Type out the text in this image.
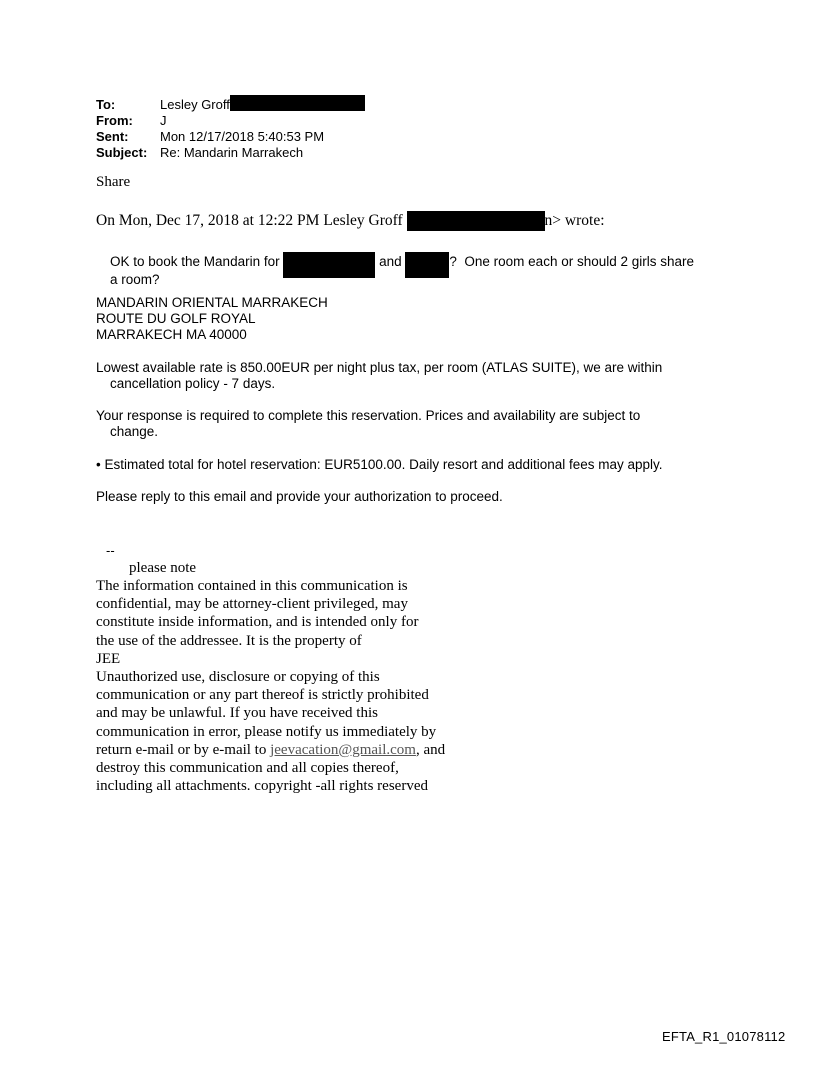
To:	Lesley Groff
From:	J
Sent:	Mon 12/17/2018 5:40:53 PM
Subject: Re: Mandarin Marrakech
Share
On Mon, Dec 17, 2018 at 12:22 PM Lesley Groff	n > wrote:
OK to book the Mandarin for	and	?  One room each or should 2 girls share
a room?
MANDARIN ORIENTAL MARRAKECH
ROUTE DU GOLF ROYAL
MARRAKECH MA 40000
Lowest available rate is 850.00EUR per night plus tax, per room (ATLAS SUITE), we are within
cancellation policy - 7 days.
Your response is required to complete this reservation. Prices and availability are subject to
change.
• Estimated total for hotel reservation: EUR5100.00. Daily resort and additional fees may apply.
Please reply to this email and provide your authorization to proceed.
--
please note
The information contained in this communication is
confidential, may be attorney-client privileged, may
constitute inside information, and is intended only for
the use of the addressee. It is the property of
JEE
Unauthorized use, disclosure or copying of this
communication or any part thereof is strictly prohibited
and may be unlawful. If you have received this
communication in error, please notify us immediately by
return e-mail or by e-mail to jeevacation@gmail.com, and
destroy this communication and all copies thereof,
including all attachments. copyright -all rights reserved
EFTA_R1_01078112
